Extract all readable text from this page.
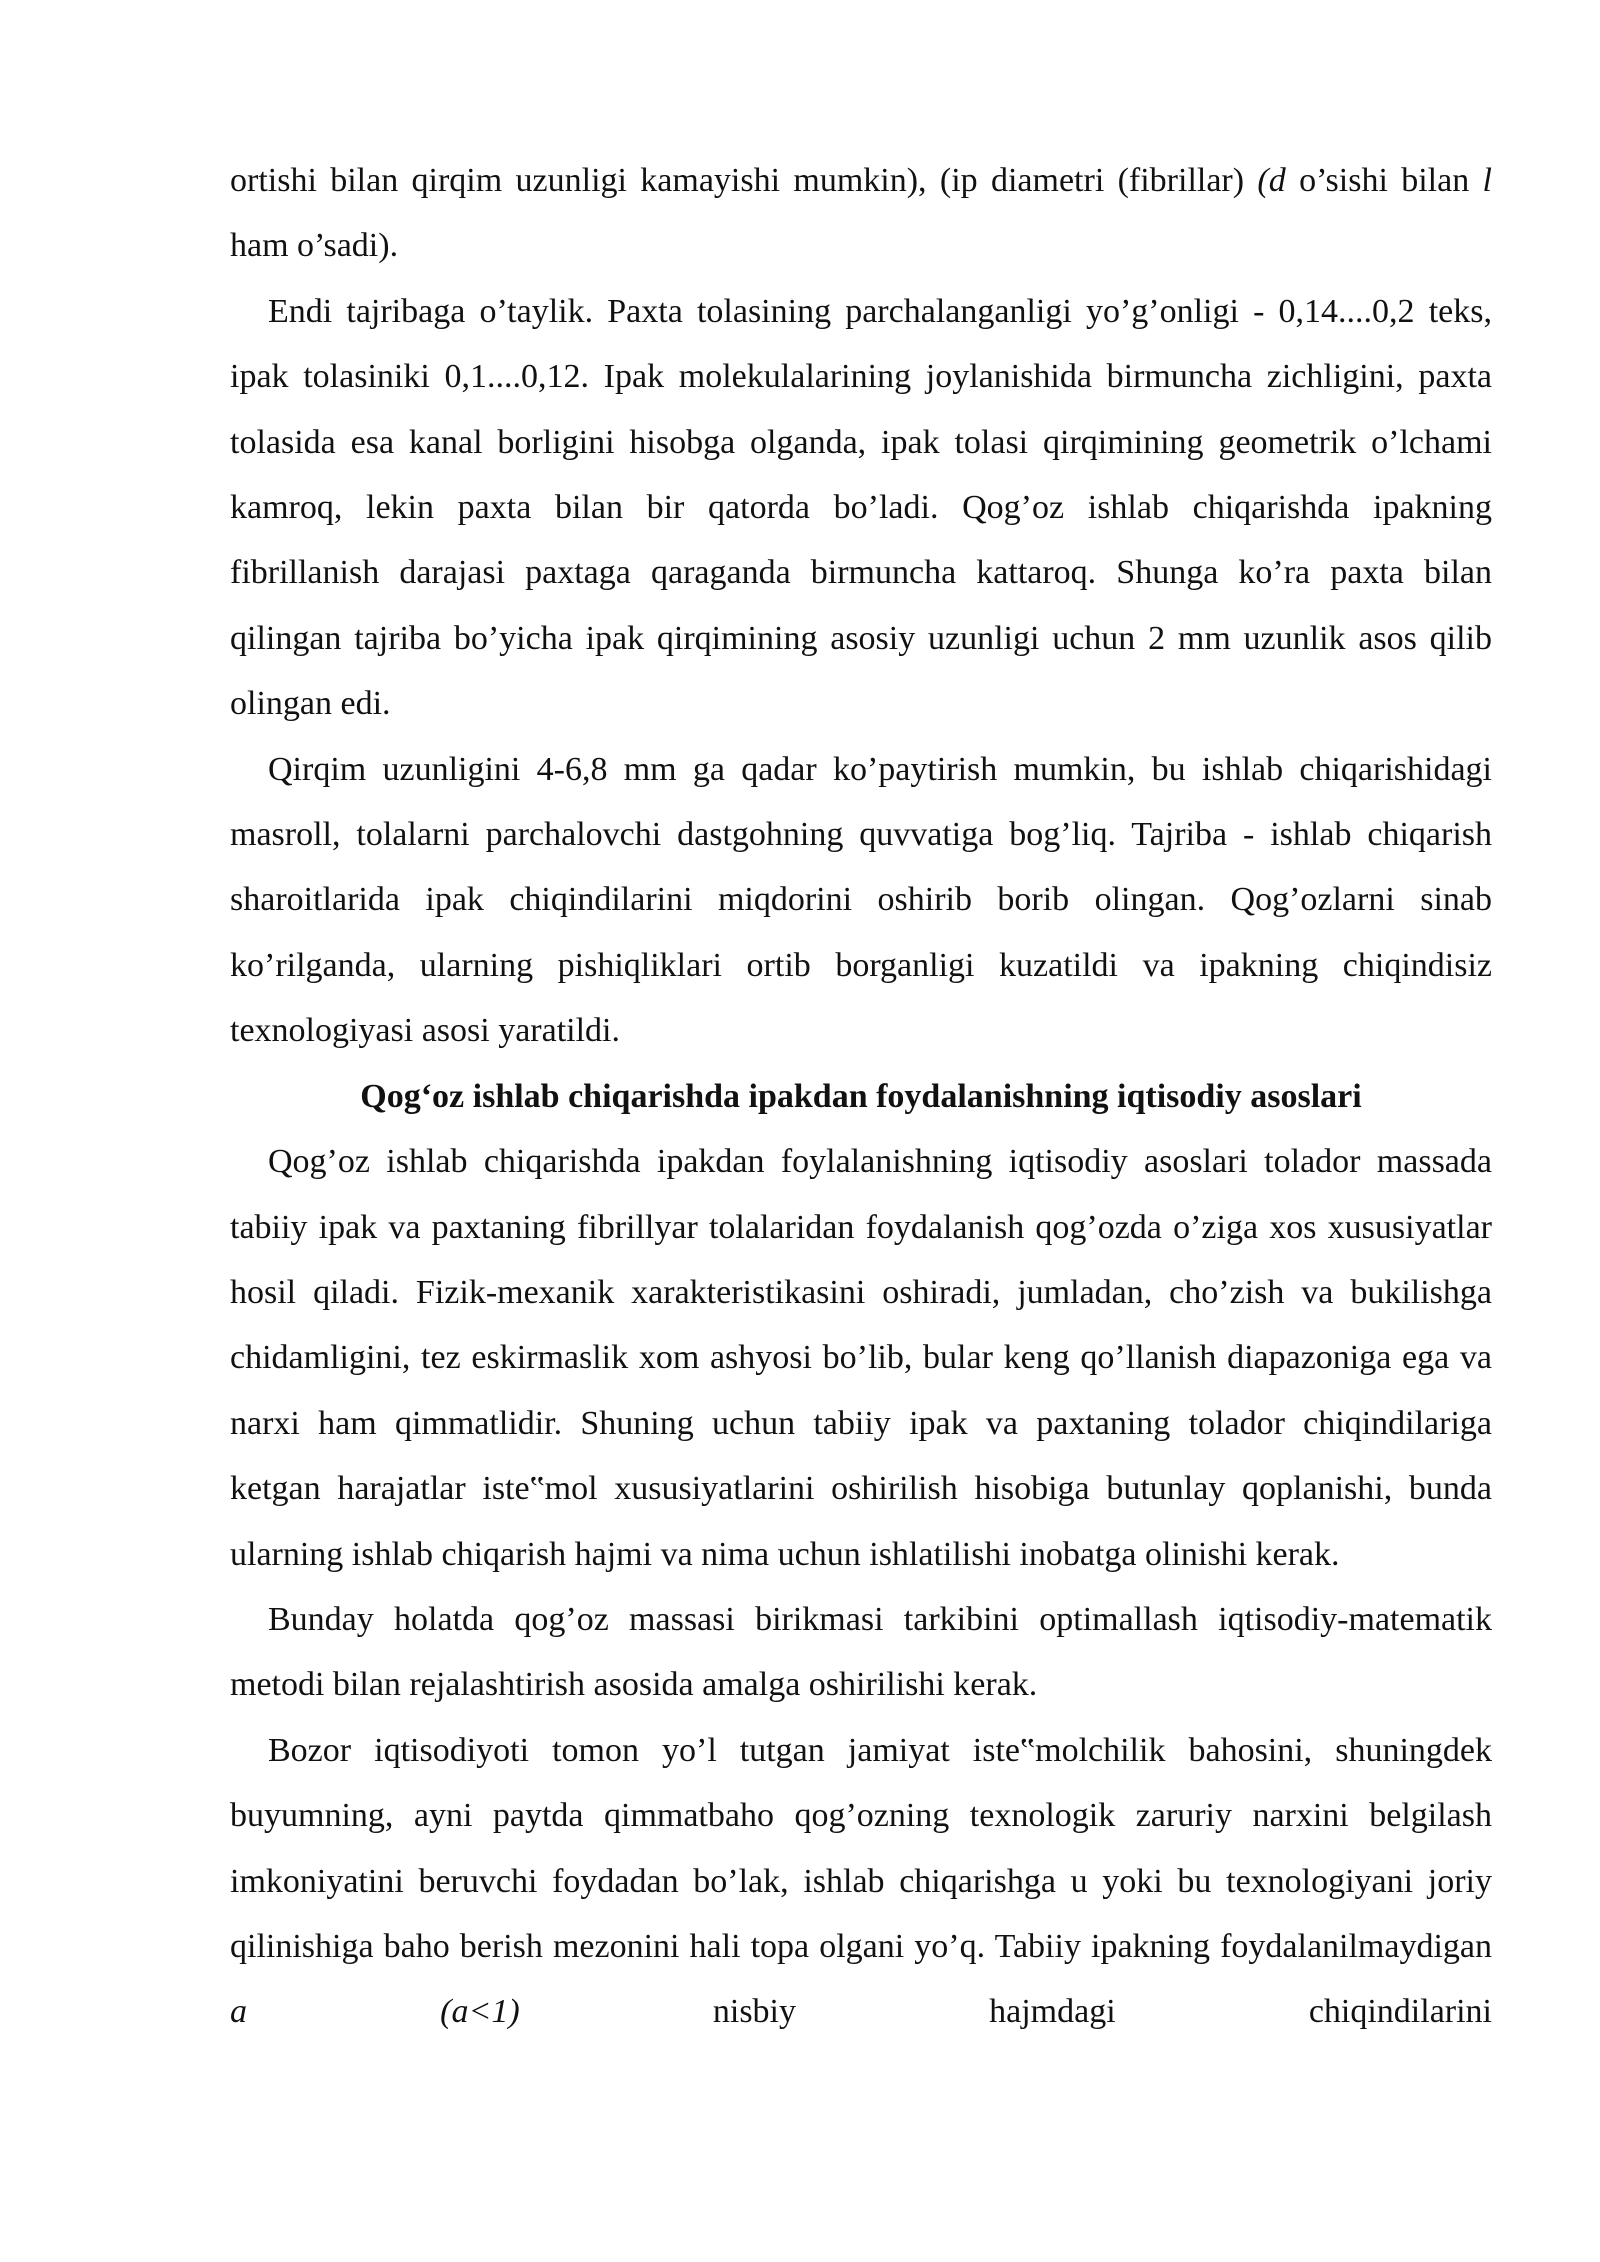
ortishi bilan qirqim uzunligi kamayishi mumkin), (ip diametri (fibrillar) (d o’sishi bilan l ham o’sadi).

Endi tajribaga o’taylik. Paxta tolasining parchalanganligi yo’g’onligi - 0,14....0,2 teks, ipak tolasiniki 0,1....0,12. Ipak molekulalarining joylanishida birmuncha zichligini, paxta tolasida esa kanal borligini hisobga olganda, ipak tolasi qirqimining geometrik o’lchami kamroq, lekin paxta bilan bir qatorda bo’ladi. Qog’oz ishlab chiqarishda ipakning fibrillanish darajasi paxtaga qaraganda birmuncha kattaroq. Shunga ko’ra paxta bilan qilingan tajriba bo’yicha ipak qirqimining asosiy uzunligi uchun 2 mm uzunlik asos qilib olingan edi.

Qirqim uzunligini 4-6,8 mm ga qadar ko’paytirish mumkin, bu ishlab chiqarishidagi masroll, tolalarni parchalovchi dastgohning quvvatiga bog’liq. Tajriba - ishlab chiqarish sharoitlarida ipak chiqindilarini miqdorini oshirib borib olingan. Qog’ozlarni sinab ko’rilganda, ularning pishiqliklari ortib borganligi kuzatildi va ipakning chiqindisiz texnologiyasi asosi yaratildi.

Qog‘oz ishlab chiqarishda ipakdan foydalanishning iqtisodiy asoslari

Qog’oz ishlab chiqarishda ipakdan foylalanishning iqtisodiy asoslari tolador massada tabiiy ipak va paxtaning fibrillyar tolalaridan foydalanish qog’ozda o’ziga xos xususiyatlar hosil qiladi. Fizik-mexanik xarakteristikasini oshiradi, jumladan, cho’zish va bukilishga chidamligini, tez eskirmaslik xom ashyosi bo’lib, bular keng qo’llanish diapazoniga ega va narxi ham qimmatlidir. Shuning uchun tabiiy ipak va paxtaning tolador chiqindilariga ketgan harajatlar iste‟mol xususiyatlarini oshirilish hisobiga butunlay qoplanishi, bunda ularning ishlab chiqarish hajmi va nima uchun ishlatilishi inobatga olinishi kerak.

Bunday holatda qog’oz massasi birikmasi tarkibini optimallash iqtisodiy-matematik metodi bilan rejalashtirish asosida amalga oshirilishi kerak.

Bozor iqtisodiyoti tomon yo’l tutgan jamiyat iste‟molchilik bahosini, shuningdek buyumning, ayni paytda qimmatbaho qog’ozning texnologik zaruriy narxini belgilash imkoniyatini beruvchi foydadan bo’lak, ishlab chiqarishga u yoki bu texnologiyani joriy qilinishiga baho berish mezonini hali topa olgani yo’q. Tabiiy ipakning foydalanilmaydigan a (a<1) nisbiy hajmdagi chiqindilarini
